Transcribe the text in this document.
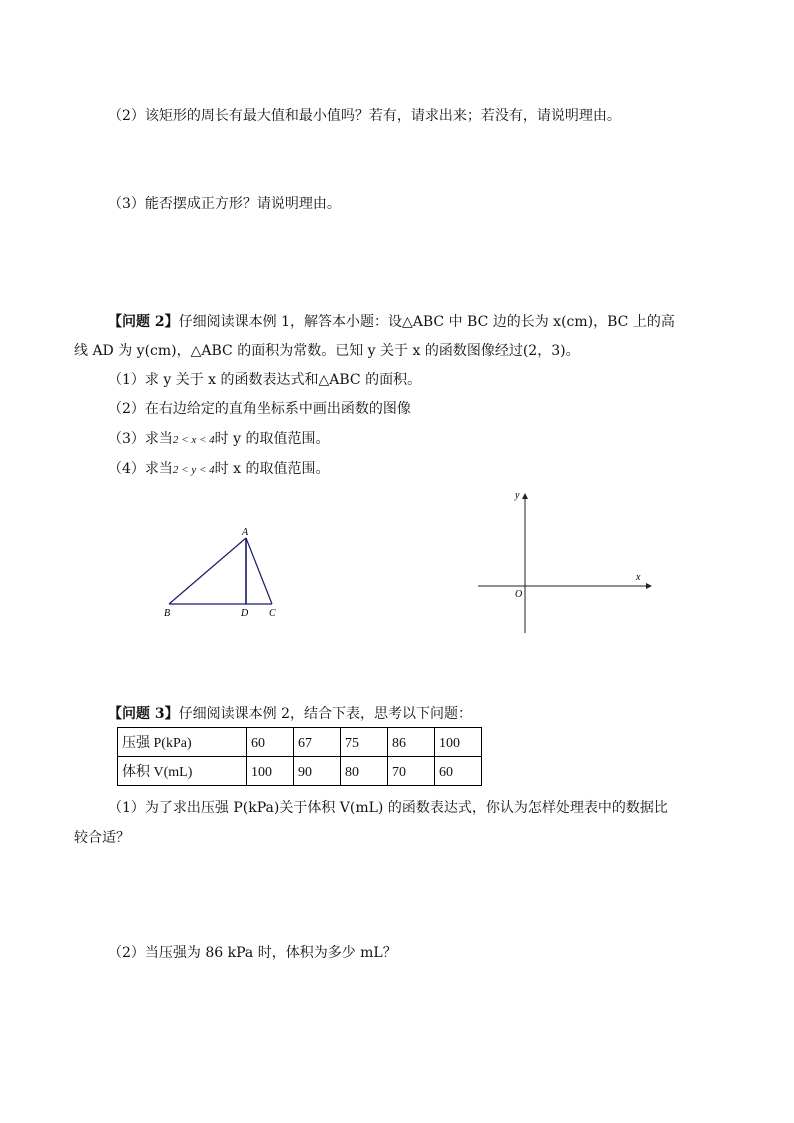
（2）该矩形的周长有最大值和最小值吗？若有，请求出来；若没有，请说明理由。
（3）能否摆成正方形？请说明理由。
【问题 2】仔细阅读课本例 1，解答本小题：设△ABC 中 BC 边的长为 x(cm)，BC 上的高
线 AD 为 y(cm)，△ABC 的面积为常数。已知 y 关于 x 的函数图像经过(2，3)。
（1）求 y 关于 x 的函数表达式和△ABC 的面积。
（2）在右边给定的直角坐标系中画出函数的图像
（3）求当2 < x < 4时 y 的取值范围。
（4）求当2 < y < 4时 x 的取值范围。
A
B	D C
x
y
O
【问题 3】仔细阅读课本例 2，结合下表，思考以下问题：
压强 P(kPa)	60	67	75	86	100
体积 V(mL)	100	90	80	70	60
（1）为了求出压强 P(kPa)关于体积 V(mL) 的函数表达式，你认为怎样处理表中的数据比
较合适？
（2）当压强为 86 kPa 时，体积为多少 mL？
